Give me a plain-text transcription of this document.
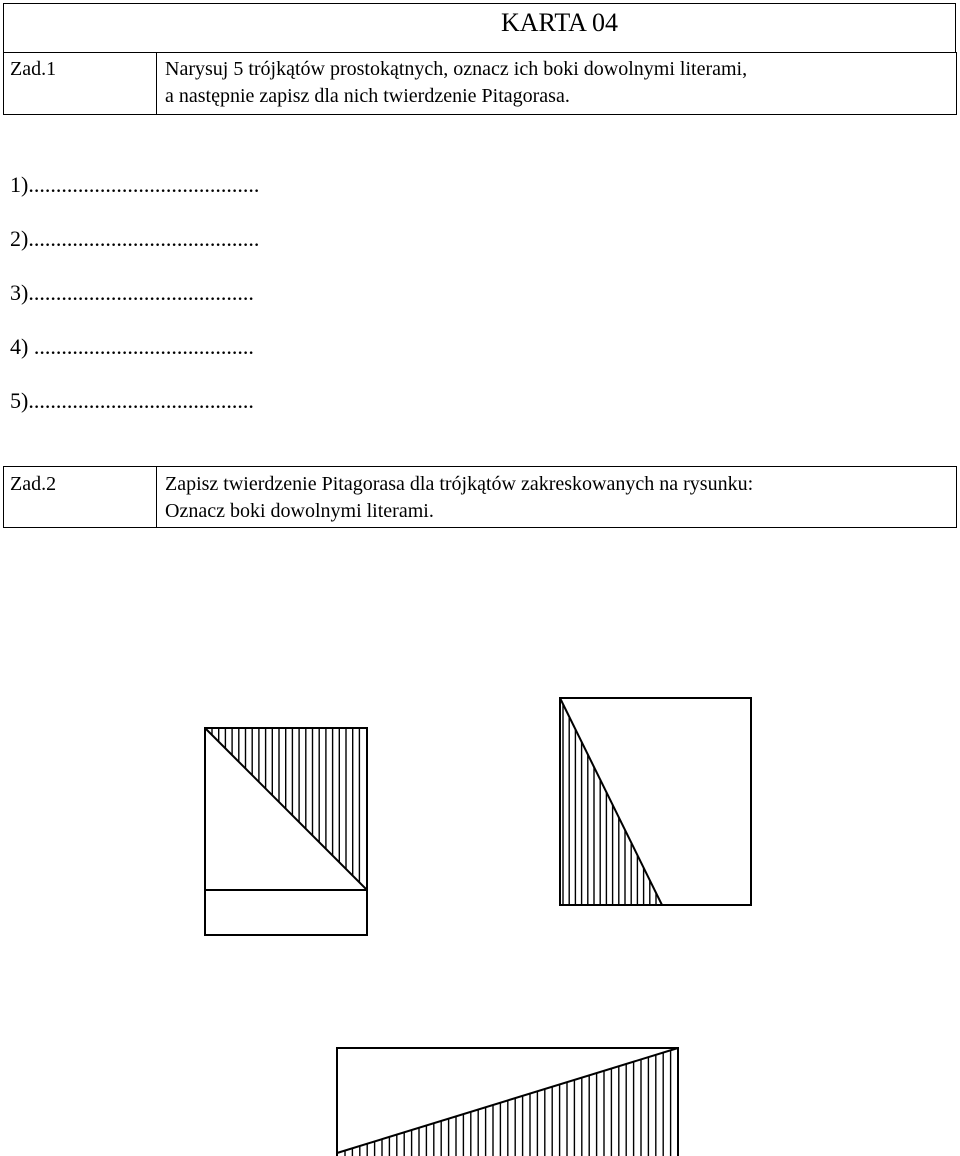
KARTA 04
Zad.1	Narysuj 5 trójkątów prostokątnych, oznacz ich boki dowolnymi literami,
a następnie zapisz dla nich twierdzenie Pitagorasa.
1)..........................................
2)..........................................
3).........................................
4) ........................................
5).........................................
Zad.2	Zapisz twierdzenie Pitagorasa dla trójkątów zakreskowanych na rysunku:
Oznacz boki dowolnymi literami.
